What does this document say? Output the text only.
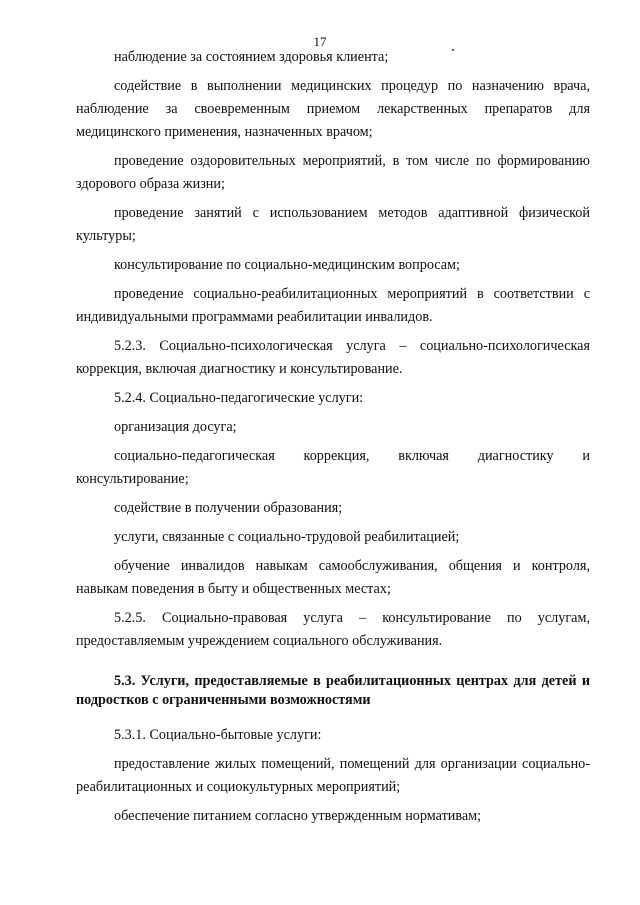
17

наблюдение за состоянием здоровья клиента;

содействие в выполнении медицинских процедур по назначению врача, наблюдение за своевременным приемом лекарственных препаратов для медицинского применения, назначенных врачом;

проведение оздоровительных мероприятий, в том числе по формированию здорового образа жизни;

проведение занятий с использованием методов адаптивной физической культуры;

консультирование по социально-медицинским вопросам;

проведение социально-реабилитационных мероприятий в соответствии с индивидуальными программами реабилитации инвалидов.

5.2.3. Социально-психологическая услуга – социально-психологическая коррекция, включая диагностику и консультирование.

5.2.4. Социально-педагогические услуги:

организация досуга;

социально-педагогическая коррекция, включая диагностику и консультирование;

содействие в получении образования;

услуги, связанные с социально-трудовой реабилитацией;

обучение инвалидов навыкам самообслуживания, общения и контроля, навыкам поведения в быту и общественных местах;

5.2.5. Социально-правовая услуга – консультирование по услугам, предоставляемым учреждением социального обслуживания.

5.3. Услуги, предоставляемые в реабилитационных центрах для детей и подростков с ограниченными возможностями

5.3.1. Социально-бытовые услуги:

предоставление жилых помещений, помещений для организации социально-реабилитационных и социокультурных мероприятий;

обеспечение питанием согласно утвержденным нормативам;
